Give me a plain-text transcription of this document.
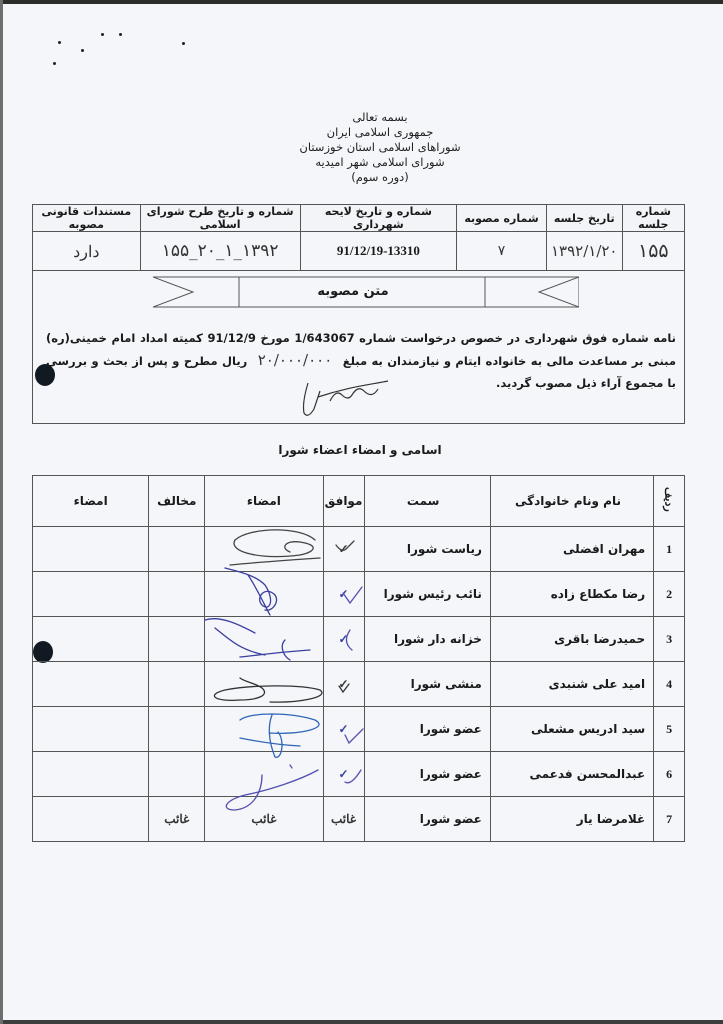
بسمه تعالی
جمهوری اسلامی ایران
شوراهای اسلامی استان خوزستان
شورای اسلامی شهر امیدیه
(دوره سوم)
شماره جلسه	تاریخ جلسه	شماره مصوبه	شماره و تاریخ لایحه شهرداری	شماره و تاریخ طرح شورای اسلامی	مستندات قانونی مصوبه
۱۵۵	۱۳۹۲/۱/۲۰	۷	91/12/19-13310	۱۳۹۲_۱_۲۰_۱۵۵	دارد
متن مصوبه
نامه شماره فوق شهرداری در خصوص درخواست شماره 1/643067 مورخ 91/12/9 کمیته امداد امام خمینی(ره) مبنی بر مساعدت مالی به خانواده ایتام و نیازمندان به مبلغ ۲۰/۰۰۰/۰۰۰ ریال مطرح و پس از بحث و بررسی با مجموع آراء ذیل مصوب گردید.
اسامی و امضاء اعضاء شورا
ردیف	نام ونام خانوادگی	سمت	موافق	امضاء	مخالف	امضاء
1	مهران افضلی	ریاست شورا	✓			
2	رضا مکطاع زاده	نائب رئیس شورا	✓			
3	حمیدرضا باقری	خزانه دار شورا	✓			
4	امید علی شنبدی	منشی شورا	✓			
5	سید ادریس مشعلی	عضو شورا	✓			
6	عبدالمحسن فدعمی	عضو شورا	✓			
7	غلامرضا یار	عضو شورا	غائب	غائب	غائب	
